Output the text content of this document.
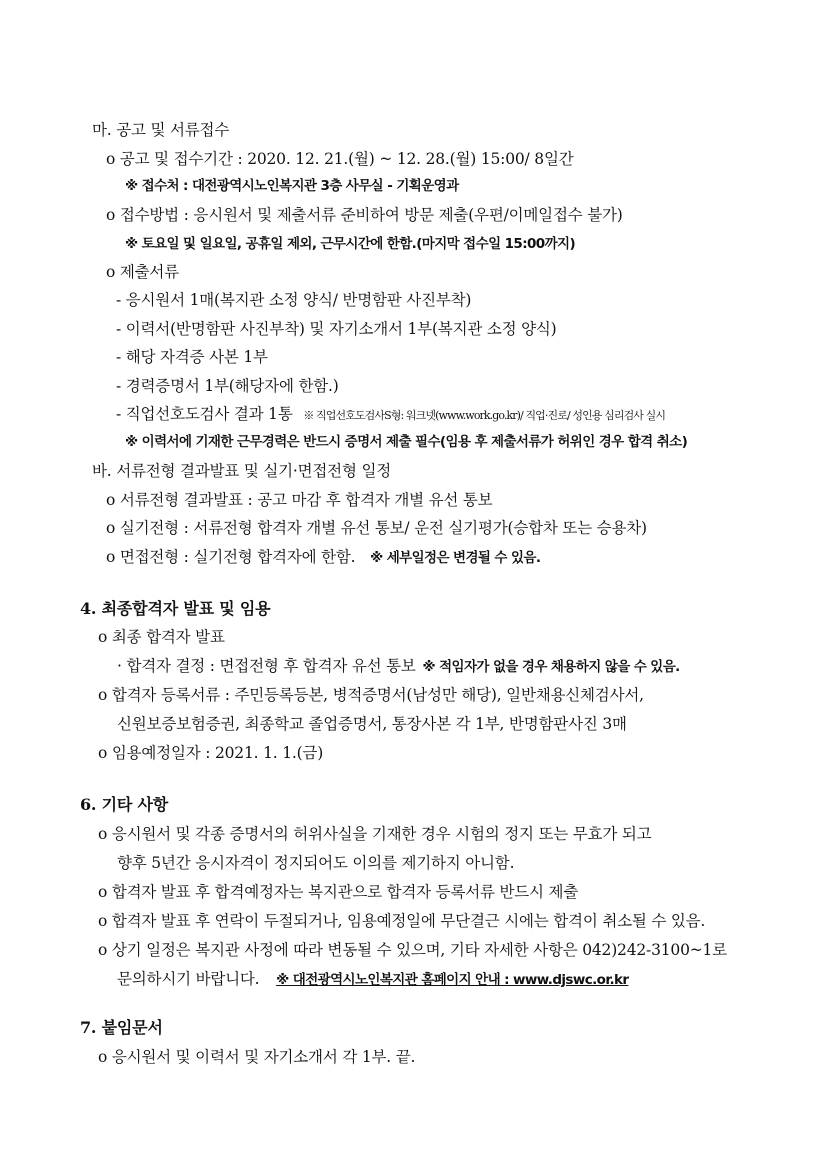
마. 공고 및 서류접수
ο 공고 및 접수기간 : 2020. 12. 21.(월) ~ 12. 28.(월) 15:00/ 8일간
※ 접수처 : 대전광역시노인복지관 3층 사무실 - 기획운영과
ο 접수방법 : 응시원서 및 제출서류 준비하여 방문 제출(우편/이메일접수 불가)
※ 토요일 및 일요일, 공휴일 제외, 근무시간에 한함.(마지막 접수일 15:00까지)
ο 제출서류
- 응시원서 1매(복지관 소정 양식/ 반명함판 사진부착)
- 이력서(반명함판 사진부착) 및 자기소개서 1부(복지관 소정 양식)
- 해당 자격증 사본 1부
- 경력증명서 1부(해당자에 한함.)
- 직업선호도검사 결과 1통 ※ 직업선호도검사S형: 워크넷(www.work.go.kr)/ 직업·진로/ 성인용 심리검사 실시
※ 이력서에 기재한 근무경력은 반드시 증명서 제출 필수(임용 후 제출서류가 허위인 경우 합격 취소)
바. 서류전형 결과발표 및 실기·면접전형 일정
ο 서류전형 결과발표 : 공고 마감 후 합격자 개별 유선 통보
ο 실기전형 : 서류전형 합격자 개별 유선 통보/ 운전 실기평가(승합차 또는 승용차)
ο 면접전형 : 실기전형 합격자에 한함. ※ 세부일정은 변경될 수 있음.
4. 최종합격자 발표 및 임용
ο 최종 합격자 발표
· 합격자 결정 : 면접전형 후 합격자 유선 통보 ※ 적임자가 없을 경우 채용하지 않을 수 있음.
ο 합격자 등록서류 : 주민등록등본, 병적증명서(남성만 해당), 일반채용신체검사서,
신원보증보험증권, 최종학교 졸업증명서, 통장사본 각 1부, 반명함판사진 3매
ο 임용예정일자 : 2021. 1. 1.(금)
6. 기타 사항
ο 응시원서 및 각종 증명서의 허위사실을 기재한 경우 시험의 정지 또는 무효가 되고
향후 5년간 응시자격이 정지되어도 이의를 제기하지 아니함.
ο 합격자 발표 후 합격예정자는 복지관으로 합격자 등록서류 반드시 제출
ο 합격자 발표 후 연락이 두절되거나, 임용예정일에 무단결근 시에는 합격이 취소될 수 있음.
ο 상기 일정은 복지관 사정에 따라 변동될 수 있으며, 기타 자세한 사항은 042)242-3100~1로
문의하시기 바랍니다. ※ 대전광역시노인복지관 홈페이지 안내 : www.djswc.or.kr
7. 붙임문서
ο 응시원서 및 이력서 및 자기소개서 각 1부. 끝.
